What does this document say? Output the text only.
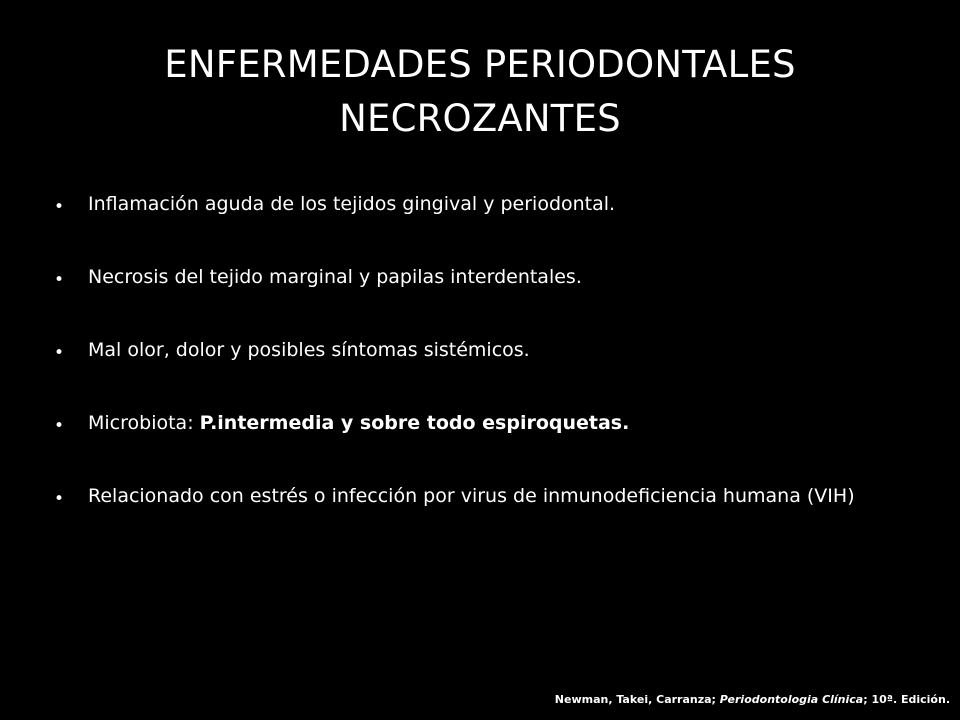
ENFERMEDADES PERIODONTALES
NECROZANTES
• Inflamación aguda de los tejidos gingival y periodontal.
• Necrosis del tejido marginal y papilas interdentales.
• Mal olor, dolor y posibles síntomas sistémicos.
• Microbiota: P.intermedia y sobre todo espiroquetas.
• Relacionado con estrés o infección por virus de inmunodeficiencia humana (VIH)
Newman, Takei, Carranza; Periodontologia Clínica; 10ª. Edición.
